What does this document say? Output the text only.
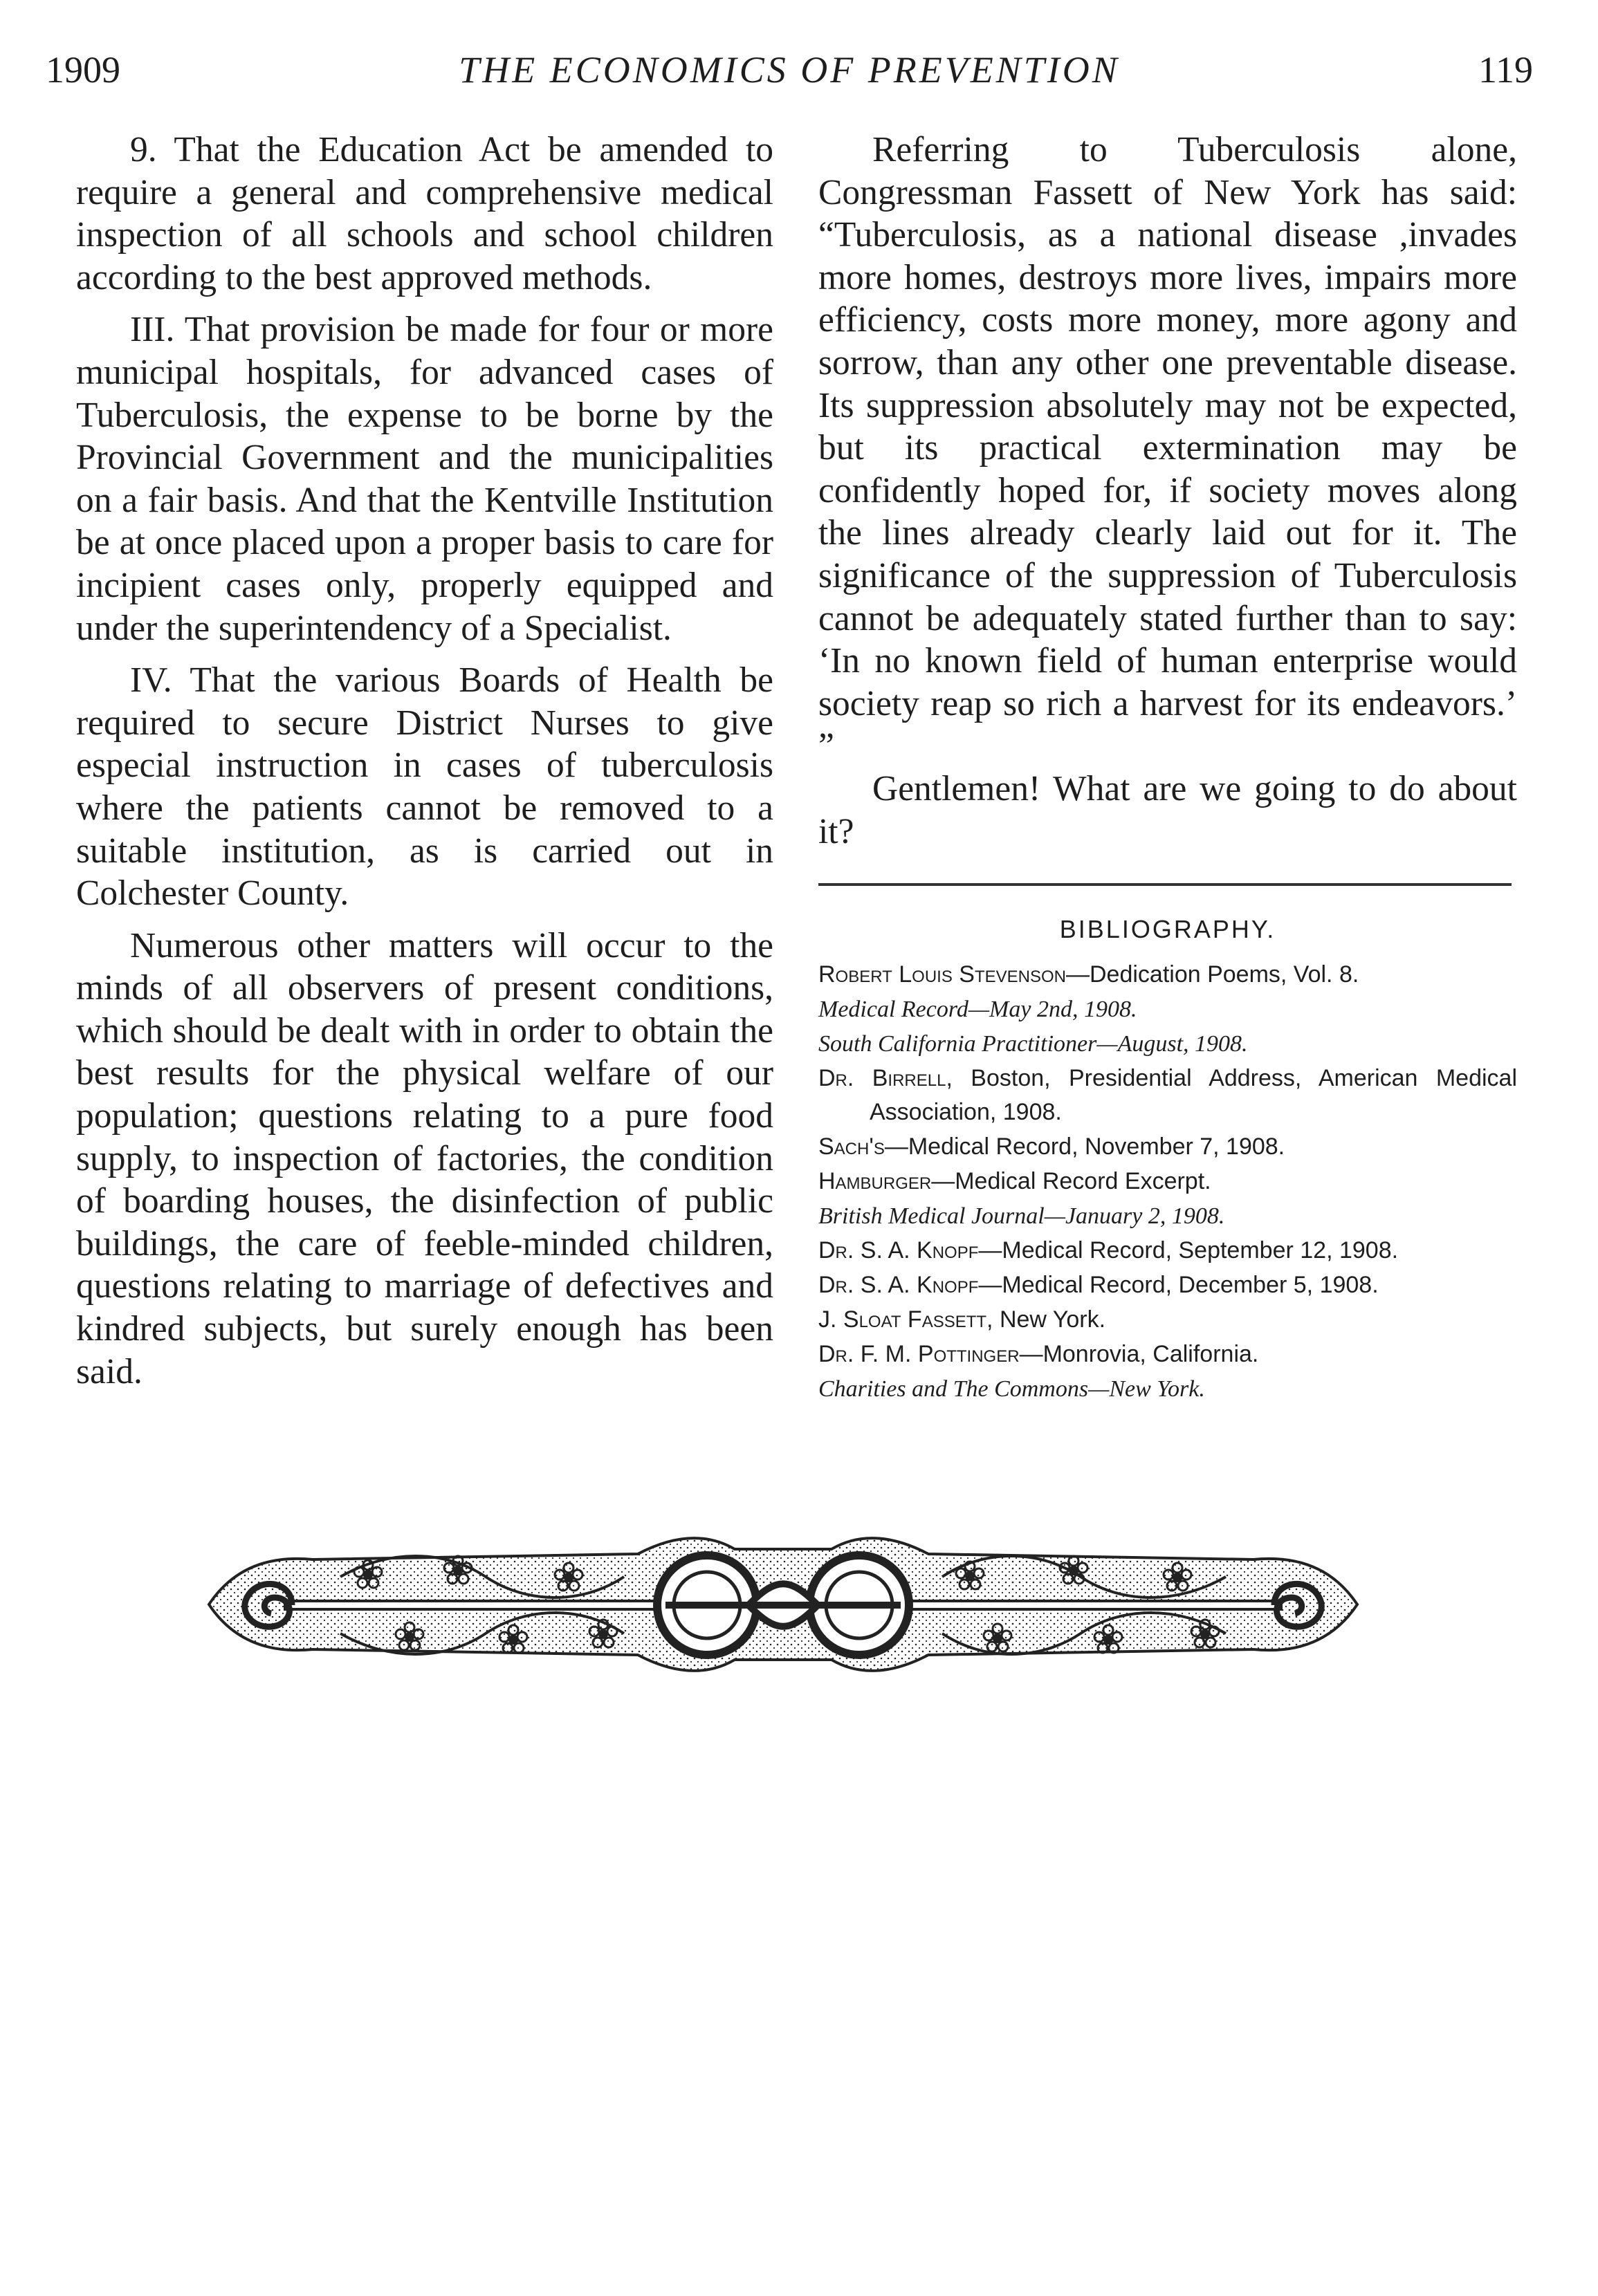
1909	THE ECONOMICS OF PREVENTION	119

9. That the Education Act be amended to require a general and comprehensive medical inspection of all schools and school children according to the best approved methods.

III. That provision be made for four or more municipal hospitals, for advanced cases of Tuberculosis, the expense to be borne by the Provincial Government and the municipalities on a fair basis. And that the Kentville Institution be at once placed upon a proper basis to care for incipient cases only, properly equipped and under the superintendency of a Specialist.

IV. That the various Boards of Health be required to secure District Nurses to give especial instruction in cases of tuberculosis where the patients cannot be removed to a suitable institution, as is carried out in Colchester County.

Numerous other matters will occur to the minds of all observers of present conditions, which should be dealt with in order to obtain the best results for the physical welfare of our population; questions relating to a pure food supply, to inspection of factories, the condition of boarding houses, the disinfection of public buildings, the care of feeble-minded children, questions relating to marriage of defectives and kindred subjects, but surely enough has been said.

Referring to Tuberculosis alone, Congressman Fassett of New York has said: “Tuberculosis, as a national disease ,invades more homes, destroys more lives, impairs more efficiency, costs more money, more agony and sorrow, than any other one preventable disease. Its suppression absolutely may not be expected, but its practical extermination may be confidently hoped for, if society moves along the lines already clearly laid out for it. The significance of the suppression of Tuberculosis cannot be adequately stated further than to say: ‘In no known field of human enterprise would society reap so rich a harvest for its endeavors.’ ”

Gentlemen! What are we going to do about it?

BIBLIOGRAPHY.
Robert Louis Stevenson—Dedication Poems, Vol. 8.
Medical Record—May 2nd, 1908.
South California Practitioner—August, 1908.
Dr. Birrell, Boston, Presidential Address, American Medical Association, 1908.
Sach's—Medical Record, November 7, 1908.
Hamburger—Medical Record Excerpt.
British Medical Journal—January 2, 1908.
Dr. S. A. Knopf—Medical Record, September 12, 1908.
Dr. S. A. Knopf—Medical Record, December 5, 1908.
J. Sloat Fassett, New York.
Dr. F. M. Pottinger—Monrovia, California.
Charities and The Commons—New York.
